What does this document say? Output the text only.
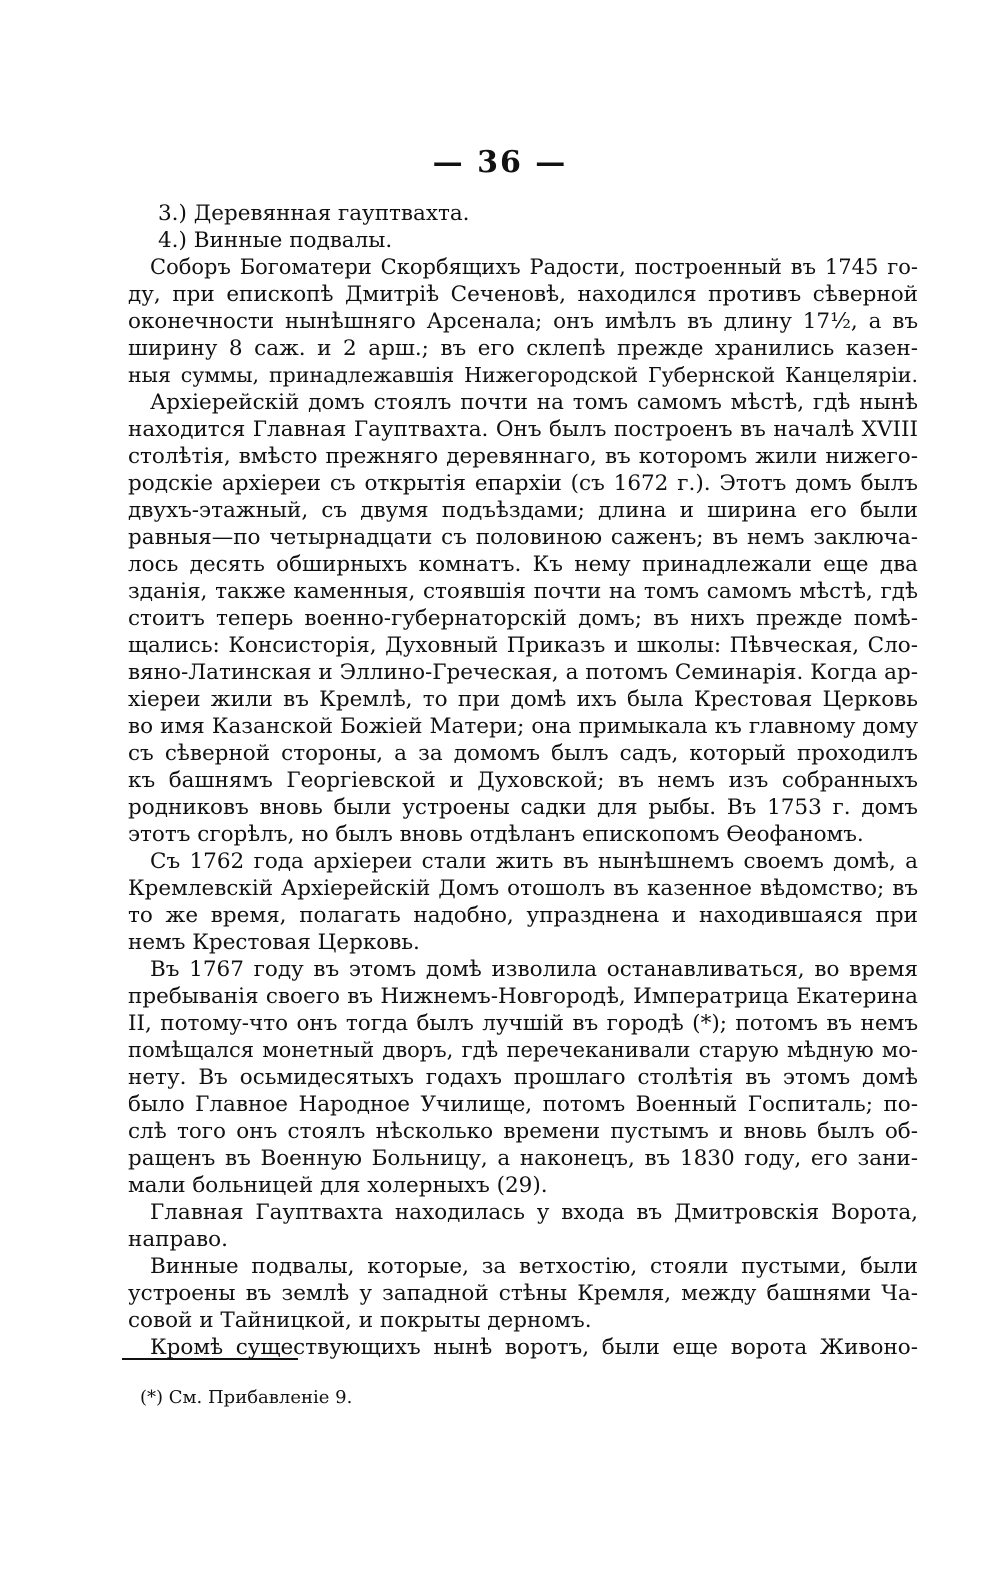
— 36 —
3.) Деревянная гауптвахта.
4.) Винные подвалы.
Соборъ Богоматери Скорбящихъ Радости, построенный въ 1745 го-
ду, при епископѣ Дмитріѣ Сеченовѣ, находился противъ сѣверной
оконечности нынѣшняго Арсенала; онъ имѣлъ въ длину 17½, а въ
ширину 8 саж. и 2 арш.; въ его склепѣ прежде хранились казен-
ныя суммы, принадлежавшія Нижегородской Губернской Канцеляріи.
Архіерейскій домъ стоялъ почти на томъ самомъ мѣстѣ, гдѣ нынѣ
находится Главная Гауптвахта. Онъ былъ построенъ въ началѣ XVIII
столѣтія, вмѣсто прежняго деревяннаго, въ которомъ жили нижего-
родскіе архіереи съ открытія епархіи (съ 1672 г.). Этотъ домъ былъ
двухъ-этажный, съ двумя подъѣздами; длина и ширина его были
равныя—по четырнадцати съ половиною саженъ; въ немъ заключа-
лось десять обширныхъ комнатъ. Къ нему принадлежали еще два
зданія, также каменныя, стоявшія почти на томъ самомъ мѣстѣ, гдѣ
стоитъ теперь военно-губернаторскій домъ; въ нихъ прежде помѣ-
щались: Консисторія, Духовный Приказъ и школы: Пѣвческая, Сло-
вяно-Латинская и Эллино-Греческая, а потомъ Семинарія. Когда ар-
хіереи жили въ Кремлѣ, то при домѣ ихъ была Крестовая Церковь
во имя Казанской Божіей Матери; она примыкала къ главному дому
съ сѣверной стороны, а за домомъ былъ садъ, который проходилъ
къ башнямъ Георгіевской и Духовской; въ немъ изъ собранныхъ
родниковъ вновь были устроены садки для рыбы. Въ 1753 г. домъ
этотъ сгорѣлъ, но былъ вновь отдѣланъ епископомъ Ѳеофаномъ.
Съ 1762 года архіереи стали жить въ нынѣшнемъ своемъ домѣ, а
Кремлевскій Архіерейскій Домъ отошолъ въ казенное вѣдомство; въ
то же время, полагать надобно, упразднена и находившаяся при
немъ Крестовая Церковь.
Въ 1767 году въ этомъ домѣ изволила останавливаться, во время
пребыванія своего въ Нижнемъ-Новгородѣ, Императрица Екатерина
II, потому-что онъ тогда былъ лучшій въ городѣ (*); потомъ въ немъ
помѣщался монетный дворъ, гдѣ перечеканивали старую мѣдную мо-
нету. Въ осьмидесятыхъ годахъ прошлаго столѣтія въ этомъ домѣ
было Главное Народное Училище, потомъ Военный Госпиталь; по-
слѣ того онъ стоялъ нѣсколько времени пустымъ и вновь былъ об-
ращенъ въ Военную Больницу, а наконецъ, въ 1830 году, его зани-
мали больницей для холерныхъ (29).
Главная Гауптвахта находилась у входа въ Дмитровскія Ворота,
направо.
Винные подвалы, которые, за ветхостію, стояли пустыми, были
устроены въ землѣ у западной стѣны Кремля, между башнями Ча-
совой и Тайницкой, и покрыты дерномъ.
Кромѣ существующихъ нынѣ воротъ, были еще ворота Живоно-
(*) См. Прибавленіе 9.
